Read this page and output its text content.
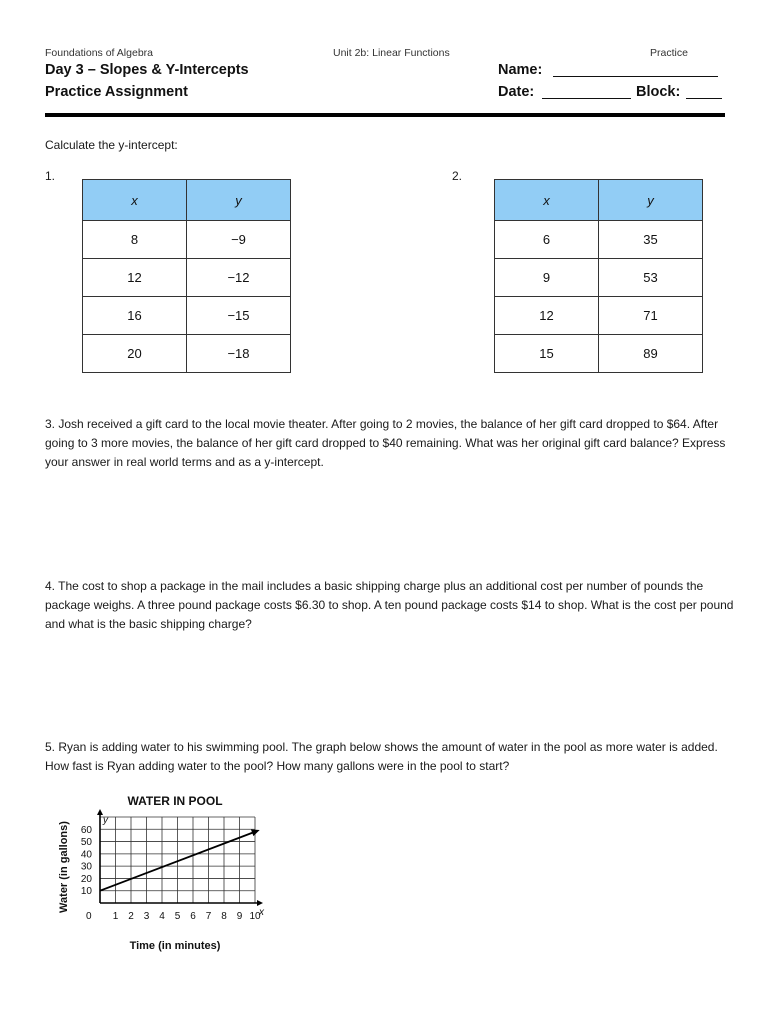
Foundations of Algebra	Unit 2b: Linear Functions	Practice
Day 3 – Slopes & Y-Intercepts
Practice Assignment
Name:
Date:	Block:
Calculate the y-intercept:
1.
x	y
8	−9
12	−12
16	−15
20	−18
2.
x	y
6	35
9	53
12	71
15	89
3. Josh received a gift card to the local movie theater. After going to 2 movies, the balance of her gift card dropped to $64. After going to 3 more movies, the balance of her gift card dropped to $40 remaining. What was her original gift card balance? Express your answer in real world terms and as a y-intercept.
4. The cost to shop a package in the mail includes a basic shipping charge plus an additional cost per number of pounds the package weighs. A three pound package costs $6.30 to shop. A ten pound package costs $14 to shop. What is the cost per pound and what is the basic shipping charge?
5. Ryan is adding water to his swimming pool. The graph below shows the amount of water in the pool as more water is added. How fast is Ryan adding water to the pool? How many gallons were in the pool to start?
WATER IN POOL
Water (in gallons)
Time (in minutes)
1 2 3 4 5 6 7 8 9 10
10
20
30
40
50
60
0	x
y
